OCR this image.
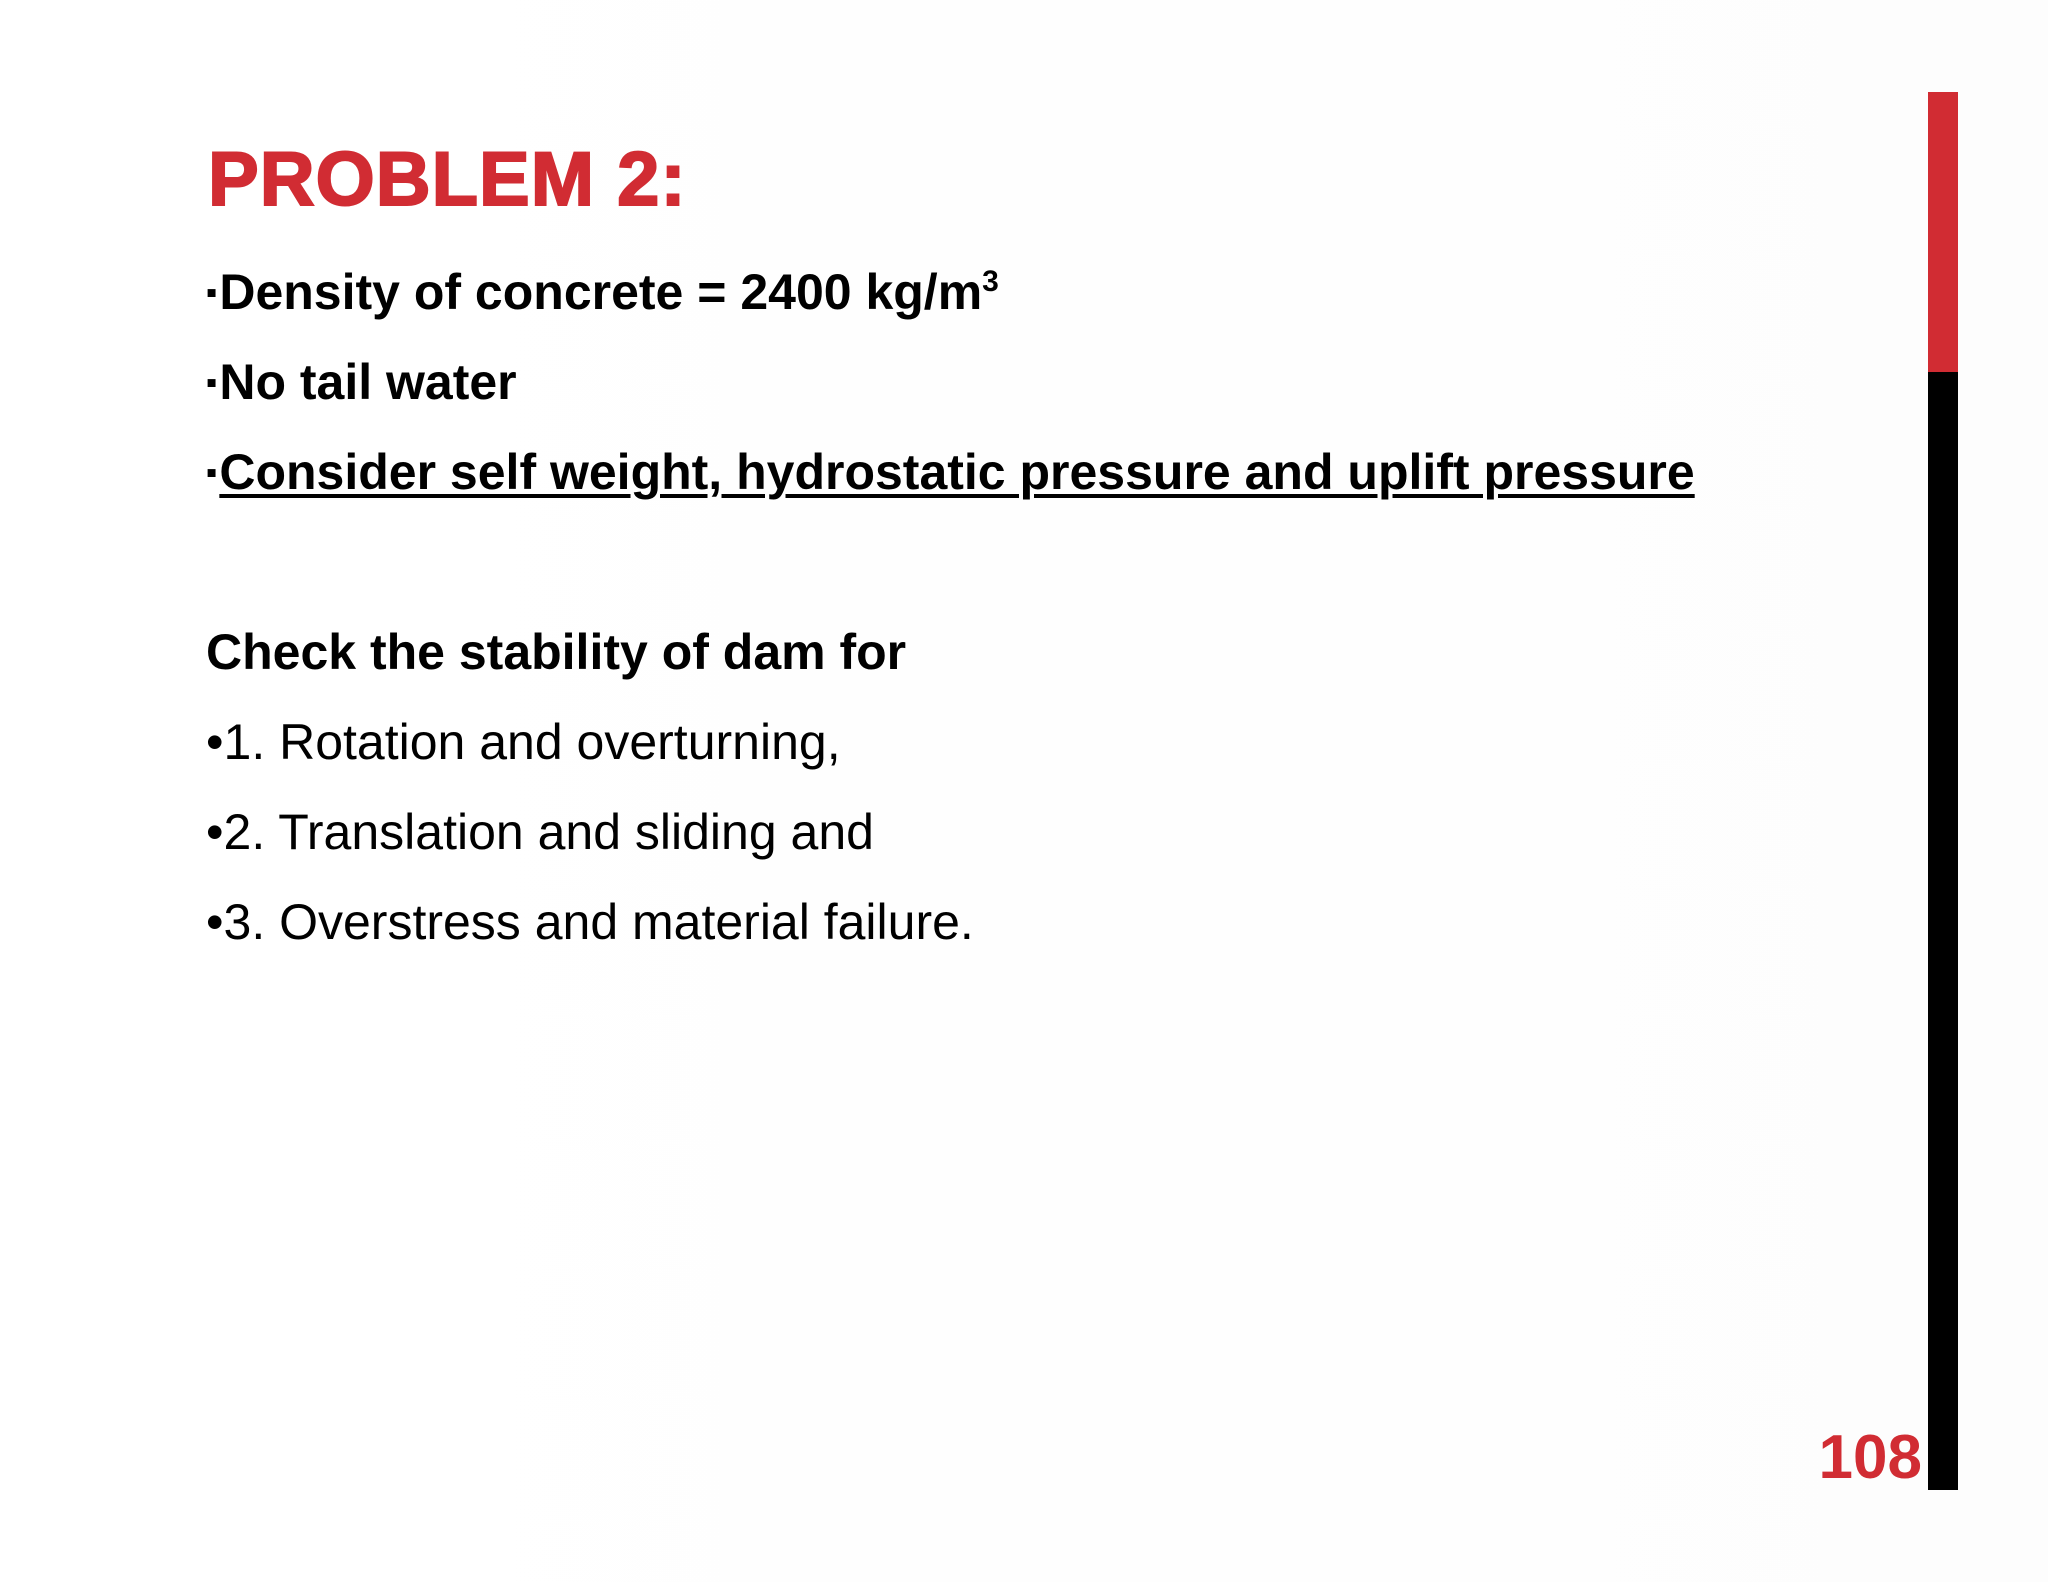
PROBLEM 2:
▪Density of concrete = 2400 $kg/m^3$
▪No tail water
▪Consider self weight, hydrostatic pressure and uplift pressure
Check the stability of dam for
•1. Rotation and overturning,
•2. Translation and sliding and
•3. Overstress and material failure.
108
